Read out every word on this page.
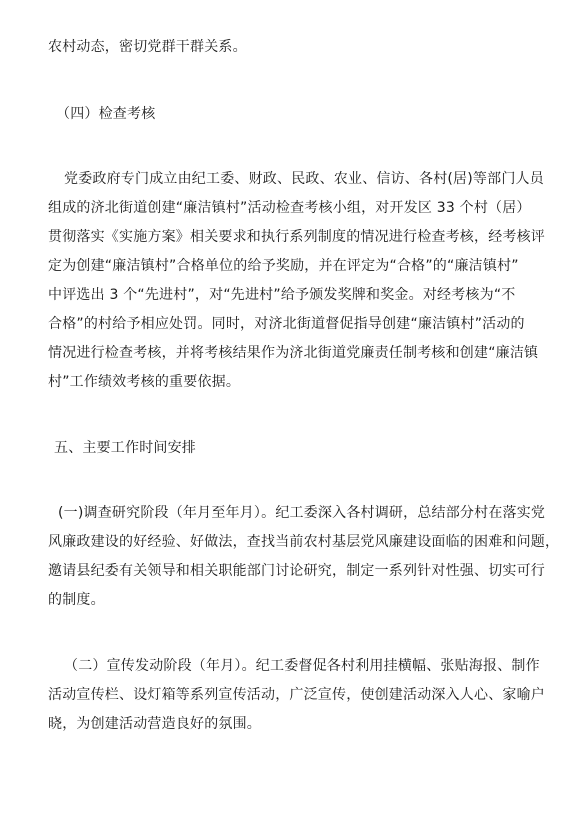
农村动态，密切党群干群关系。
（四）检查考核
党委政府专门成立由纪工委、财政、民政、农业、信访、各村(居)等部门人员
组成的济北街道创建“廉洁镇村”活动检查考核小组，对开发区 33 个村（居）
贯彻落实《实施方案》相关要求和执行系列制度的情况进行检查考核，经考核评
定为创建“廉洁镇村”合格单位的给予奖励，并在评定为“合格”的“廉洁镇村”
中评选出 3 个“先进村”，对“先进村”给予颁发奖牌和奖金。对经考核为“不
合格”的村给予相应处罚。同时，对济北街道督促指导创建“廉洁镇村”活动的
情况进行检查考核，并将考核结果作为济北街道党廉责任制考核和创建“廉洁镇
村”工作绩效考核的重要依据。
五、主要工作时间安排
(一)调查研究阶段（年月至年月）。纪工委深入各村调研，总结部分村在落实党
风廉政建设的好经验、好做法，查找当前农村基层党风廉建设面临的困难和问题，
邀请县纪委有关领导和相关职能部门讨论研究，制定一系列针对性强、切实可行
的制度。
（二）宣传发动阶段（年月）。纪工委督促各村利用挂横幅、张贴海报、制作
活动宣传栏、设灯箱等系列宣传活动，广泛宣传，使创建活动深入人心、家喻户
晓，为创建活动营造良好的氛围。
